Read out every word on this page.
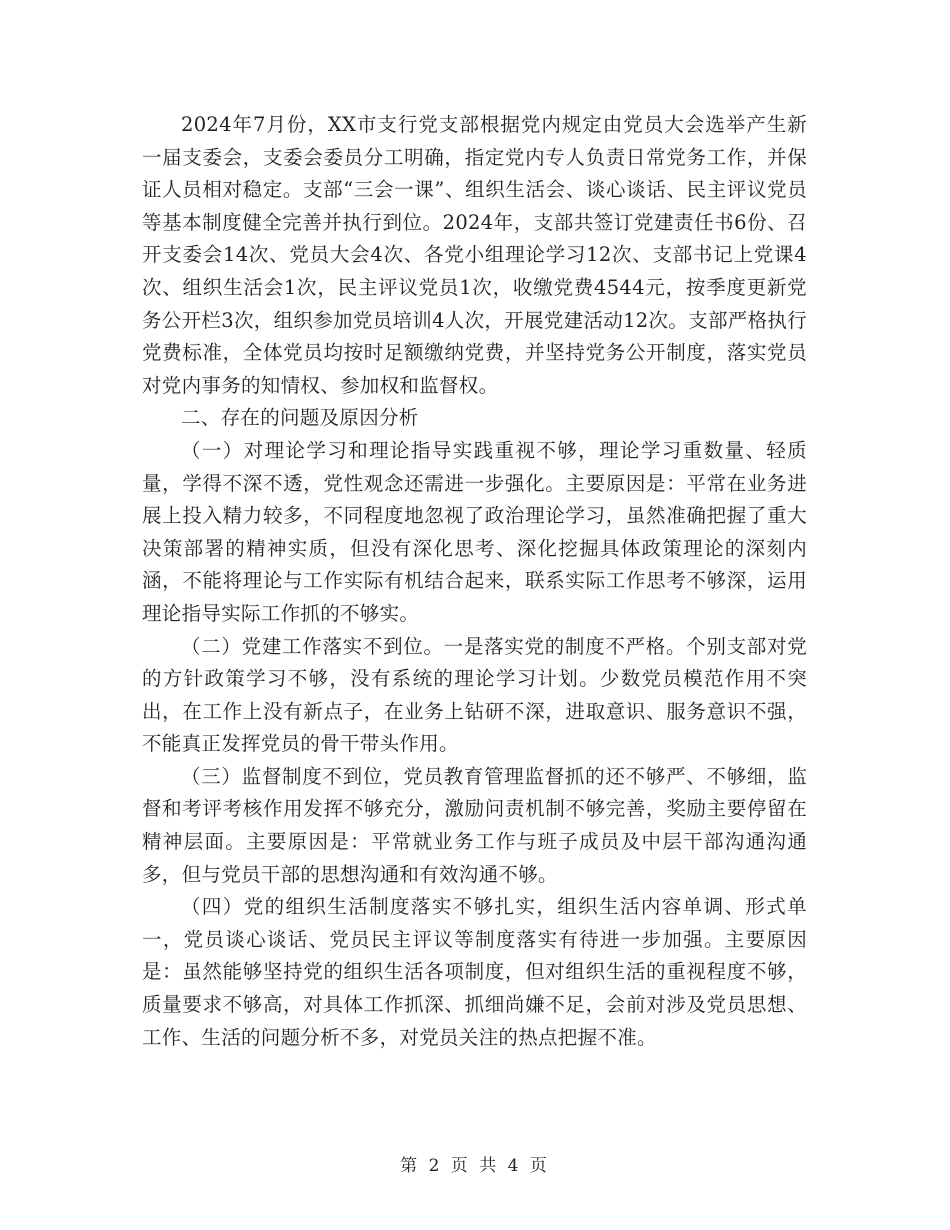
2024年7月份，XX市支行党支部根据党内规定由党员大会选举产生新一届支委会，支委会委员分工明确，指定党内专人负责日常党务工作，并保证人员相对稳定。支部“三会一课”、组织生活会、谈心谈话、民主评议党员等基本制度健全完善并执行到位。2024年，支部共签订党建责任书6份、召开支委会14次、党员大会4次、各党小组理论学习12次、支部书记上党课4次、组织生活会1次，民主评议党员1次，收缴党费4544元，按季度更新党务公开栏3次，组织参加党员培训4人次，开展党建活动12次。支部严格执行党费标准，全体党员均按时足额缴纳党费，并坚持党务公开制度，落实党员对党内事务的知情权、参加权和监督权。

二、存在的问题及原因分析

（一）对理论学习和理论指导实践重视不够，理论学习重数量、轻质量，学得不深不透，党性观念还需进一步强化。主要原因是：平常在业务进展上投入精力较多，不同程度地忽视了政治理论学习，虽然准确把握了重大决策部署的精神实质，但没有深化思考、深化挖掘具体政策理论的深刻内涵，不能将理论与工作实际有机结合起来，联系实际工作思考不够深，运用理论指导实际工作抓的不够实。

（二）党建工作落实不到位。一是落实党的制度不严格。个别支部对党的方针政策学习不够，没有系统的理论学习计划。少数党员模范作用不突出，在工作上没有新点子，在业务上钻研不深，进取意识、服务意识不强，不能真正发挥党员的骨干带头作用。

（三）监督制度不到位，党员教育管理监督抓的还不够严、不够细，监督和考评考核作用发挥不够充分，激励问责机制不够完善，奖励主要停留在精神层面。主要原因是：平常就业务工作与班子成员及中层干部沟通沟通多，但与党员干部的思想沟通和有效沟通不够。

（四）党的组织生活制度落实不够扎实，组织生活内容单调、形式单一，党员谈心谈话、党员民主评议等制度落实有待进一步加强。主要原因是：虽然能够坚持党的组织生活各项制度，但对组织生活的重视程度不够，质量要求不够高，对具体工作抓深、抓细尚嫌不足，会前对涉及党员思想、工作、生活的问题分析不多，对党员关注的热点把握不准。

第 2 页 共 4 页
